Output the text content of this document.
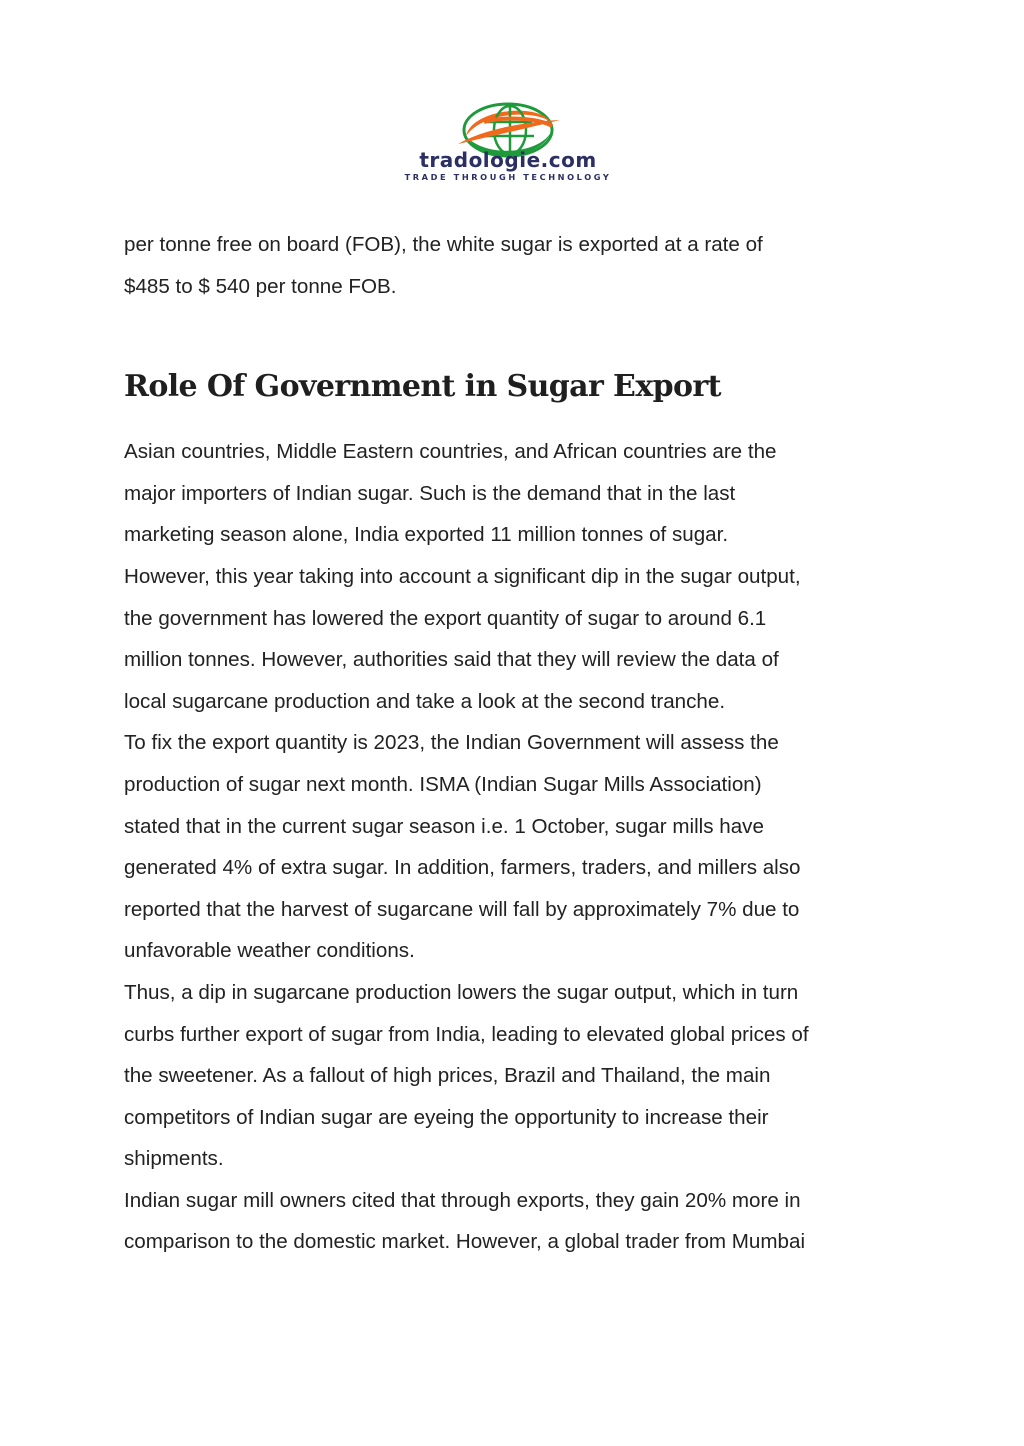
tradologie.com
TRADE THROUGH TECHNOLOGY

per tonne free on board (FOB), the white sugar is exported at a rate of
$485 to $ 540 per tonne FOB.

Role Of Government in Sugar Export

Asian countries, Middle Eastern countries, and African countries are the
major importers of Indian sugar. Such is the demand that in the last
marketing season alone, India exported 11 million tonnes of sugar.
However, this year taking into account a significant dip in the sugar output,
the government has lowered the export quantity of sugar to around 6.1
million tonnes. However, authorities said that they will review the data of
local sugarcane production and take a look at the second tranche.

To fix the export quantity is 2023, the Indian Government will assess the
production of sugar next month. ISMA (Indian Sugar Mills Association)
stated that in the current sugar season i.e. 1 October, sugar mills have
generated 4% of extra sugar. In addition, farmers, traders, and millers also
reported that the harvest of sugarcane will fall by approximately 7% due to
unfavorable weather conditions.

Thus, a dip in sugarcane production lowers the sugar output, which in turn
curbs further export of sugar from India, leading to elevated global prices of
the sweetener. As a fallout of high prices, Brazil and Thailand, the main
competitors of Indian sugar are eyeing the opportunity to increase their
shipments.

Indian sugar mill owners cited that through exports, they gain 20% more in
comparison to the domestic market. However, a global trader from Mumbai
